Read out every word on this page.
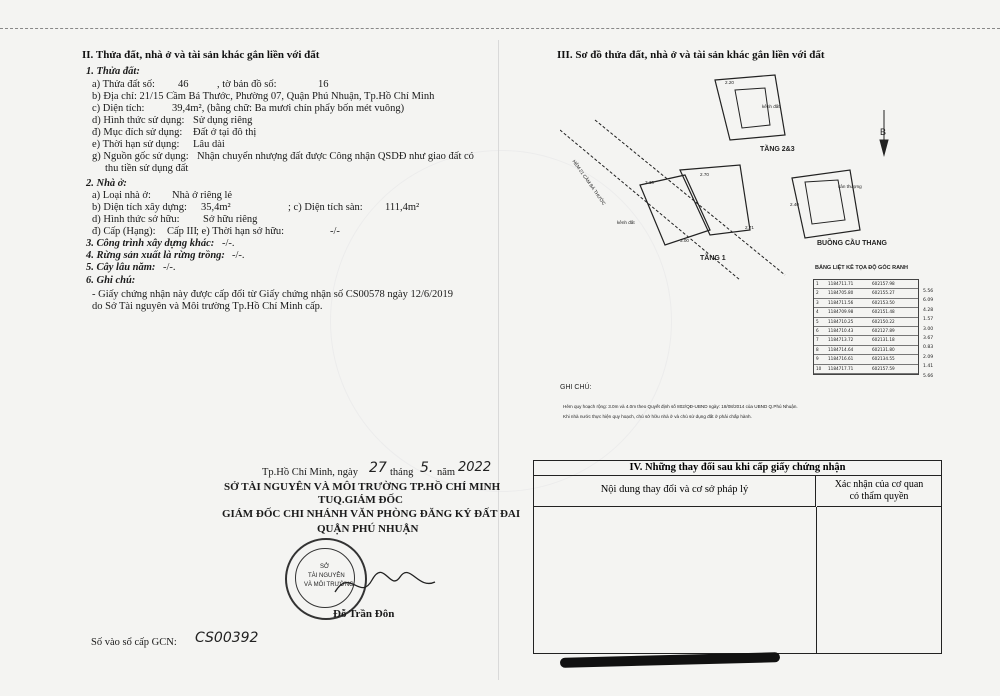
II. Thửa đất, nhà ở và tài sản khác gắn liền với đất
1. Thửa đất:
a) Thửa đất số: 46	, tờ bản đồ số:	16
b) Địa chỉ: 21/15 Cầm Bá Thước, Phường 07, Quận Phú Nhuận, Tp.Hồ Chí Minh
c) Diện tích:	39,4m², (bằng chữ: Ba mươi chín phẩy bốn mét vuông)
d) Hình thức sử dụng: Sử dụng riêng
đ) Mục đích sử dụng: Đất ở tại đô thị
e) Thời hạn sử dụng: Lâu dài
g) Nguồn gốc sử dụng: Nhận chuyển nhượng đất được Công nhận QSDĐ như giao đất có
thu tiền sử dụng đất
2. Nhà ở:
a) Loại nhà ở: Nhà ở riêng lẻ
b) Diện tích xây dựng: 35,4m²	; c) Diện tích sàn: 111,4m²
d) Hình thức sở hữu: Sở hữu riêng
đ) Cấp (Hạng): Cấp III
; e) Thời hạn sở hữu:	-/-
3. Công trình xây dựng khác: -/-.
4. Rừng sản xuất là rừng trồng: -/-.
5. Cây lâu năm: -/-.
6. Ghi chú:
- Giấy chứng nhận này được cấp đổi từ Giấy chứng nhận số CS00578 ngày 12/6/2019
do Sở Tài nguyên và Môi trường Tp.Hồ Chí Minh cấp.
Tp.Hồ Chí Minh, ngày 27 tháng 5. năm 2022
SỞ TÀI NGUYÊN VÀ MÔI TRƯỜNG TP.HỒ CHÍ MINH
TUQ.GIÁM ĐỐC
GIÁM ĐỐC CHI NHÁNH VĂN PHÒNG ĐĂNG KÝ ĐẤT ĐAI
QUẬN PHÚ NHUẬN
SỞ
TÀI NGUYÊN
VÀ MÔI TRƯỜNG
Đỗ Trần Đôn
Số vào sổ cấp GCN: CS00392
III. Sơ đồ thửa đất, nhà ở và tài sản khác gắn liền với đất
B
TẦNG 2&3
TẦNG 1
BUỒNG CẦU THANG
kênh đất
sân thượng
kênh đất
HẺM 21 CẦM BÁ THƯỚC	3.30
2.70
2.71
3.00
2.40
2.20
BẢNG LIỆT KÊ TỌA ĐỘ GÓC RANH
1 1184711.71	602157.98
2 1184705.80	602155.27
3 1184711.56	602153.50
4 1184709.98	602151.48
5 1184710.25	602150.22
6 1184710.43	602127.89
7 1184713.72	602131.18
8 1184714.64	602131.80
9 1184716.61	602134.55
10 1184717.71	602157.59
5.56
6.09
4.28
1.57
3.00
3.67
0.83
2.09
1.41
5.66
GHI CHÚ:
Hẻm quy hoạch rộng: 3.0m và 4.0m theo Quyết định số 802/QĐ-UBND ngày: 18/08/2014 của UBND Q.Phú Nhuận.
Khi nhà nước thực hiện quy hoạch, chủ sở hữu nhà ở và chủ sử dụng đất ở phải chấp hành.
IV. Những thay đổi sau khi cấp giấy chứng nhận
Nội dung thay đổi và cơ sở pháp lý	Xác nhận của cơ quan
có thẩm quyền
